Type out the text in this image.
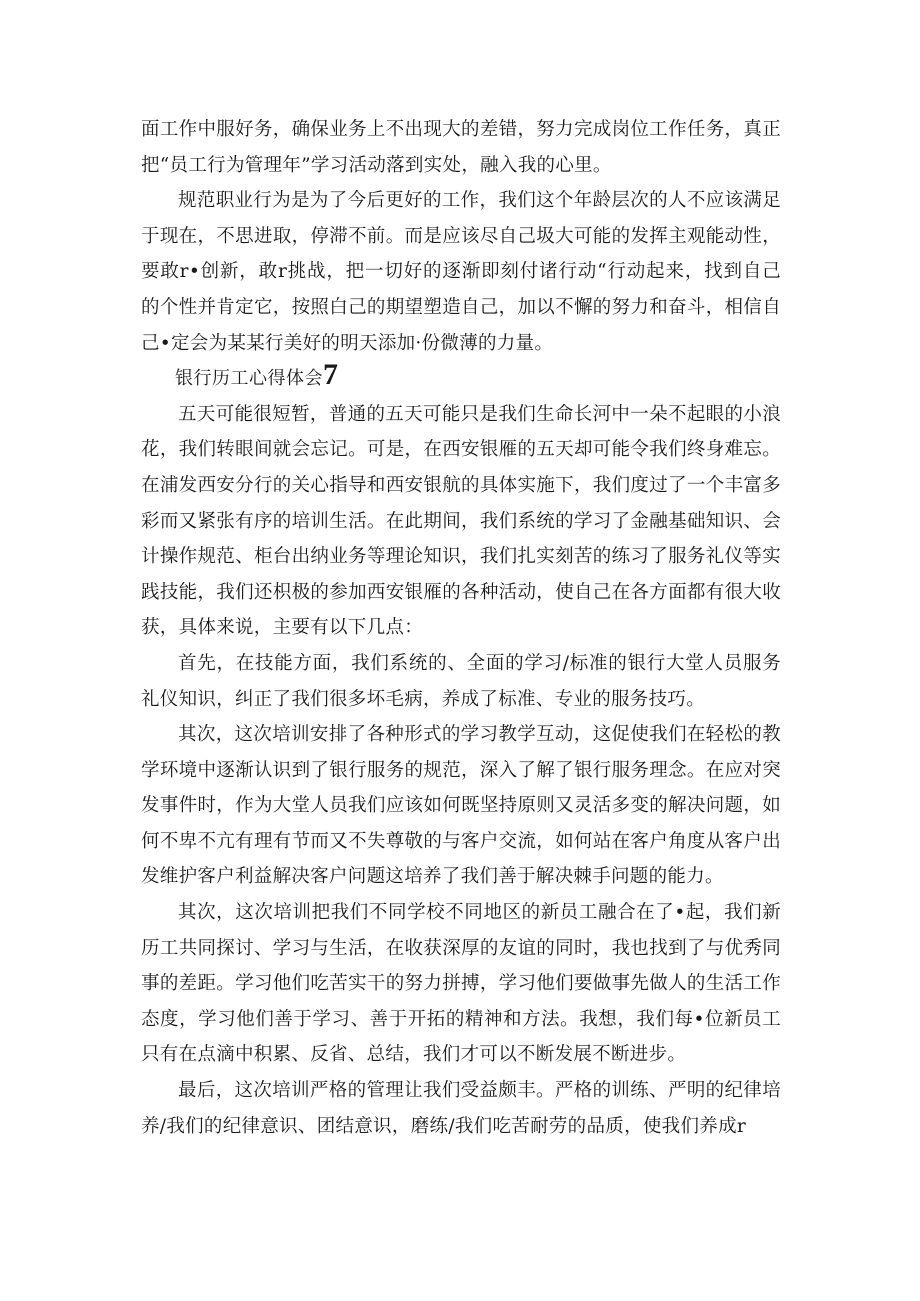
面工作中服好务，确保业务上不出现大的差错，努力完成岗位工作任务，真正把“员工行为管理年”学习活动落到实处，融入我的心里。

规范职业行为是为了今后更好的工作，我们这个年龄层次的人不应该满足于现在，不思进取，停滞不前。而是应该尽自己圾大可能的发挥主观能动性，要敢r•创新，敢r挑战，把一切好的逐渐即刻付诸行动“行动起来，找到自己的个性并肯定它，按照白己的期望塑造自己，加以不懈的努力和奋斗，相信自己•定会为某某行美好的明天添加·份微薄的力量。

银行历工心得体会7

五天可能很短暂，普通的五天可能只是我们生命长河中一朵不起眼的小浪花，我们转眼间就会忘记。可是，在西安银雁的五天却可能令我们终身难忘。在浦发西安分行的关心指导和西安银航的具体实施下，我们度过了一个丰富多彩而又紧张有序的培训生活。在此期间，我们系统的学习了金融基础知识、会计操作规范、柜台出纳业务等理论知识，我们扎实刻苦的练习了服务礼仪等实践技能，我们还枳极的参加西安银雁的各种活动，使自己在各方面都有很大收获，具体来说，主要有以下几点：

首先，在技能方面，我们系统的、全面的学习/标准的银行大堂人员服务礼仪知识，纠正了我们很多坏毛病，养成了标准、专业的服务技巧。

其次，这次培训安排了各种形式的学习教学互动，这促使我们在轻松的教学环境中逐渐认识到了银行服务的规范，深入了解了银行服务理念。在应对突发事件时，作为大堂人员我们应该如何既坚持原则又灵活多变的解决问题，如何不卑不亢有理有节而又不失尊敬的与客户交流，如何站在客户角度从客户出发维护客户利益解决客户问题这培养了我们善于解决棘手问题的能力。

其次，这次培训把我们不同学校不同地区的新员工融合在了•起，我们新历工共同探讨、学习与生活，在收获深厚的友谊的同时，我也找到了与优秀同事的差距。学习他们吃苦实干的努力拼搏，学习他们要做事先做人的生活工作态度，学习他们善于学习、善于开拓的精神和方法。我想，我们每•位新员工只有在点滴中积累、反省、总结，我们才可以不断发展不断进步。

最后，这次培训严格的管理让我们受益颇丰。严格的训练、严明的纪律培养/我们的纪律意识、团结意识，磨练/我们吃苦耐劳的品质，使我们养成r
